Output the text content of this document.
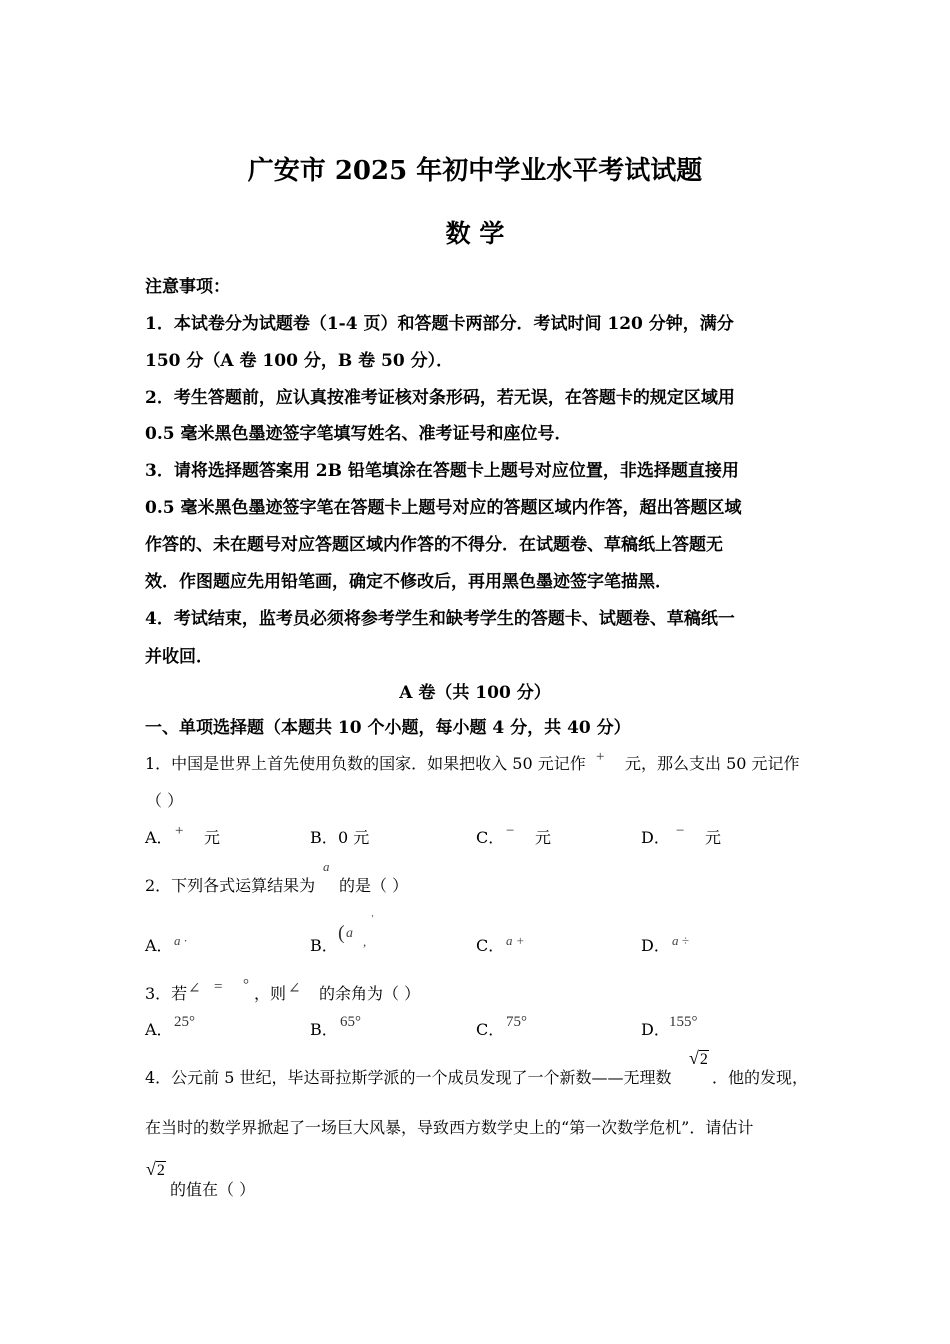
广安市 2025 年初中学业水平考试试题
数 学
注意事项：
1．本试卷分为试题卷（1-4 页）和答题卡两部分．考试时间 120 分钟，满分
150 分（A 卷 100 分，B 卷 50 分）．
2．考生答题前，应认真按准考证核对条形码，若无误，在答题卡的规定区域用
0.5 毫米黑色墨迹签字笔填写姓名、准考证号和座位号．
3．请将选择题答案用 2B 铅笔填涂在答题卡上题号对应位置，非选择题直接用
0.5 毫米黑色墨迹签字笔在答题卡上题号对应的答题区域内作答，超出答题区域
作答的、未在题号对应答题区域内作答的不得分．在试题卷、草稿纸上答题无
效．作图题应先用铅笔画，确定不修改后，再用黑色墨迹签字笔描黑．
4．考试结束，监考员必须将参考学生和缺考学生的答题卡、试题卷、草稿纸一
并收回．
A 卷（共 100 分）
一、单项选择题（本题共 10 个小题，每小题 4 分，共 40 分）
1．中国是世界上首先使用负数的国家．如果把收入 50 元记作 + 元，那么支出 50 元记作
（ ）
A． + 元	B． 0 元	C． − 元	D． − 元
2．下列各式运算结果为
a
的是（ ）
A． a ·	B．
( a
,
'
C． a +	D． a ÷
3．若 ∠ = ° ，则 ∠ 的余角为（ ）
A． 25°	B． 65°	C． 75°	D． 155°
4．公元前 5 世纪，毕达哥拉斯学派的一个成员发现了一个新数——无理数
√2
．他的发现，
在当时的数学界掀起了一场巨大风暴，导致西方数学史上的“第一次数学危机”．请估计
√2
的值在（ ）
